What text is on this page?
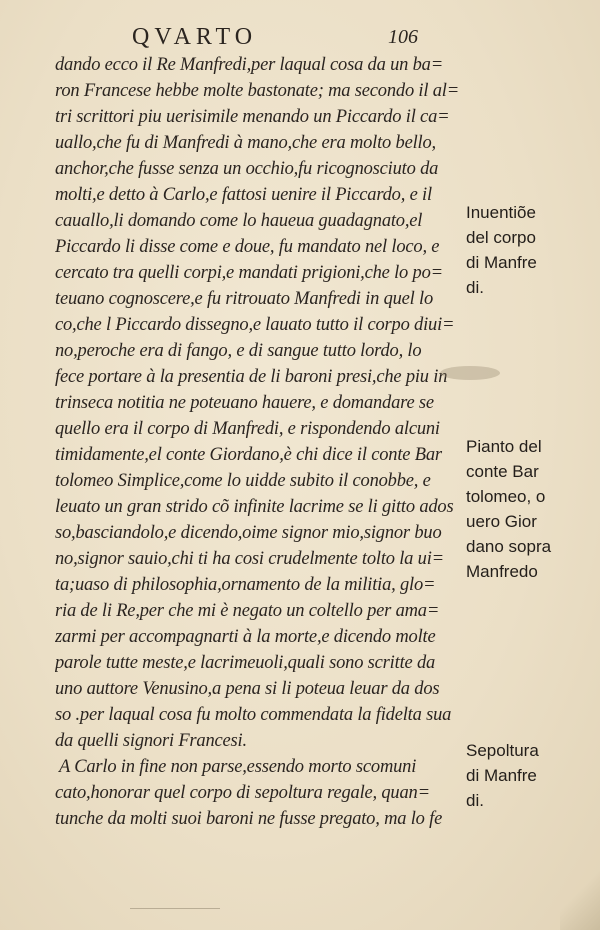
QVARTO	106
dando ecco il Re Manfredi,per laqual cosa da un ba=
ron Francese hebbe molte bastonate; ma secondo il al=
tri scrittori piu uerisimile menando un Piccardo il ca=
uallo,che fu di Manfredi à mano,che era molto bello,
anchor,che fusse senza un occhio,fu ricognosciuto da
molti,e detto à Carlo,e fattosi uenire il Piccardo, e il
cauallo,li domando come lo haueua guadagnato,el
Piccardo li disse come e doue, fu mandato nel loco, e
cercato tra quelli corpi,e mandati prigioni,che lo po=
teuano cognoscere,e fu ritrouato Manfredi in quel lo
co,che l Piccardo dissegno,e lauato tutto il corpo diui=
no,peroche era di fango, e di sangue tutto lordo, lo
fece portare à la presentia de li baroni presi,che piu in
trinseca notitia ne poteuano hauere, e domandare se
quello era il corpo di Manfredi, e rispondendo alcuni
timidamente,el conte Giordano,è chi dice il conte Bar
tolomeo Simplice,come lo uidde subito il conobbe, e
leuato un gran strido cõ infinite lacrime se li gitto ados
so,basciandolo,e dicendo,oime signor mio,signor buo
no,signor sauio,chi ti ha cosi crudelmente tolto la ui=
ta;uaso di philosophia,ornamento de la militia, glo=
ria de li Re,per che mi è negato un coltello per ama=
zarmi per accompagnarti à la morte,e dicendo molte
parole tutte meste,e lacrimeuoli,quali sono scritte da
uno auttore Venusino,a pena si li poteua leuar da dos
so .per laqual cosa fu molto commendata la fidelta sua
da quelli signori Francesi.
A Carlo in fine non parse,essendo morto scomuni
cato,honorar quel corpo di sepoltura regale, quan=
tunche da molti suoi baroni ne fusse pregato, ma lo fe
Inuentiõe
del corpo
di Manfre
di.
Pianto del
conte Bar
tolomeo, o
uero Gior
dano sopra
Manfredo
Sepoltura
di Manfre
di.
